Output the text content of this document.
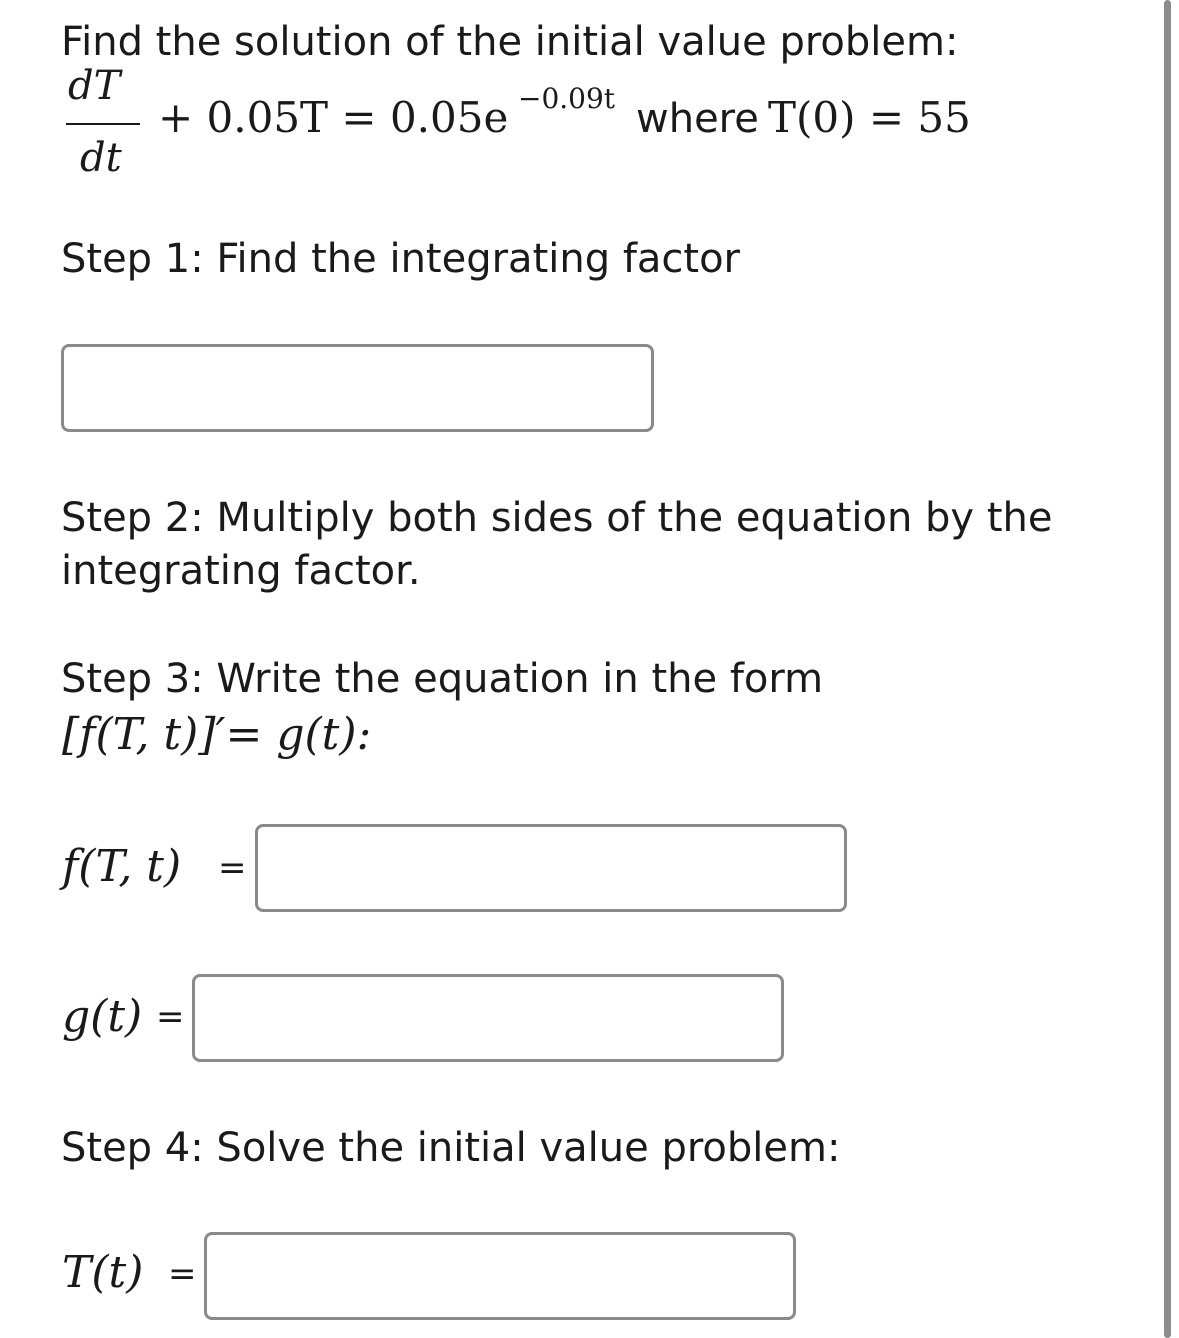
Find the solution of the initial value problem:
dT
dt
+ 0.05T = 0.05e −0.09t where T(0) = 55
Step 1: Find the integrating factor
Step 2: Multiply both sides of the equation by the
integrating factor.
Step 3: Write the equation in the form
[f(T, t)]′= g(t):
f(T, t) =
g(t) =
Step 4: Solve the initial value problem:
T(t) =
